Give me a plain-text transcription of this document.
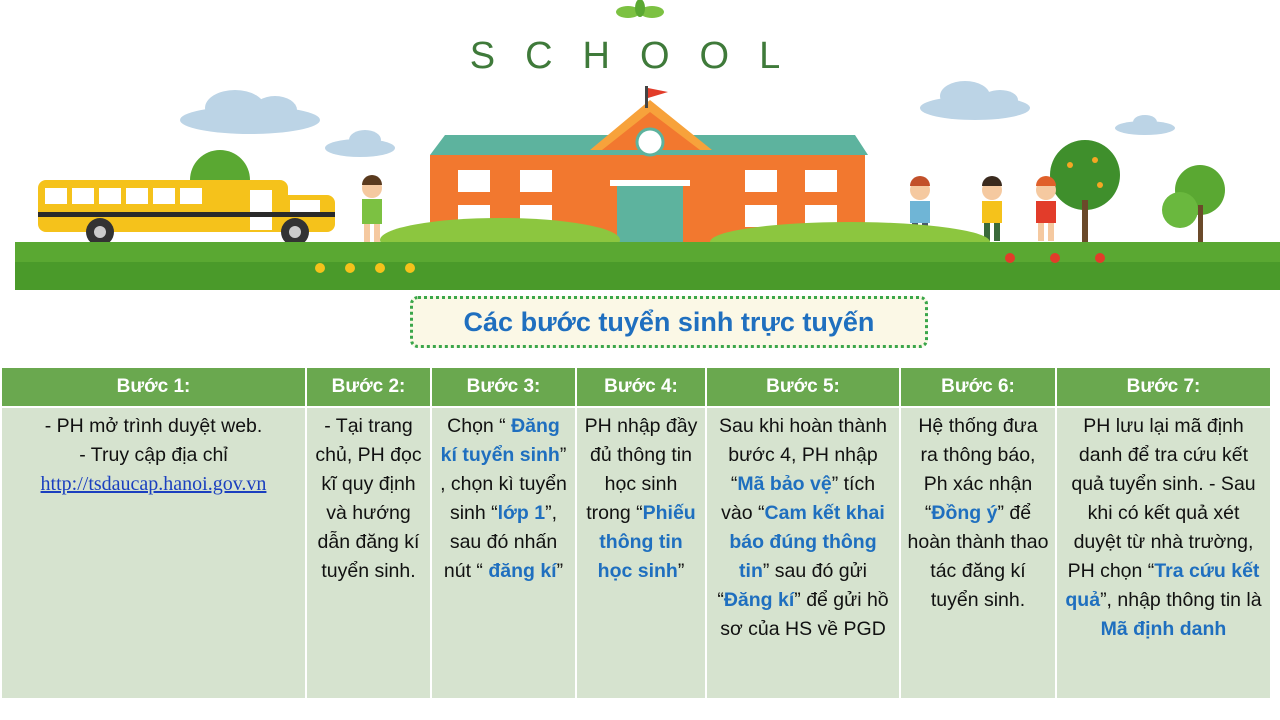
SCHOOL
Các bước tuyển sinh trực tuyến
Bước 1:	Bước 2:	Bước 3:	Bước 4:	Bước 5:	Bước 6:	Bước 7:

- PH mở trình duyệt web.
- Truy cập địa chỉ
http://tsdaucap.hanoi.gov.vn	- Tại trang chủ, PH đọc kĩ quy định và hướng dẫn đăng kí tuyển sinh.	Chọn “ Đăng kí tuyển sinh” , chọn kì tuyển sinh “lớp 1”, sau đó nhấn nút “ đăng kí”	PH nhập đầy đủ thông tin học sinh trong “Phiếu thông tin học sinh”	Sau khi hoàn thành bước 4, PH nhập “Mã bảo vệ” tích vào “Cam kết khai báo đúng thông tin” sau đó gửi “Đăng kí” để gửi hồ sơ của HS về PGD	Hệ thống đưa ra thông báo, Ph xác nhận “Đồng ý” để hoàn thành thao tác đăng kí tuyển sinh.	PH lưu lại mã định danh để tra cứu kết quả tuyển sinh. - Sau khi có kết quả xét duyệt từ nhà trường, PH chọn “Tra cứu kết quả”, nhập thông tin là Mã định danh
